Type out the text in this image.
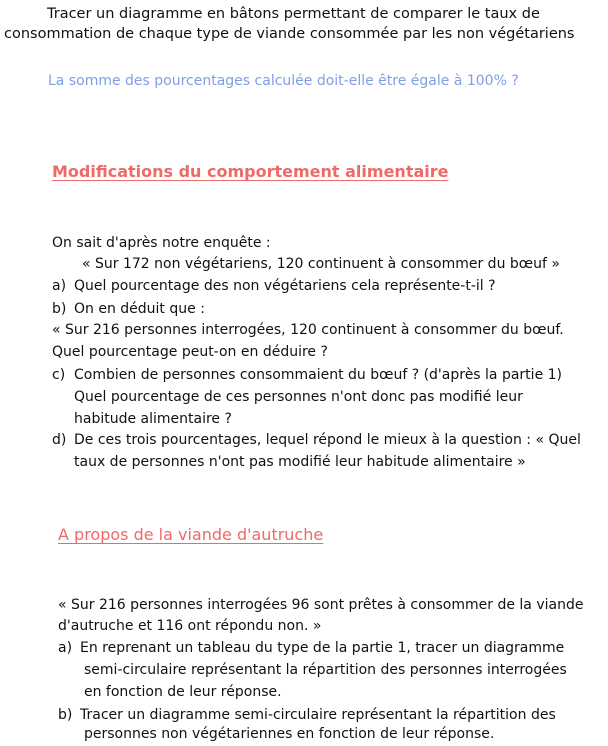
Tracer un diagramme en bâtons permettant de comparer le taux de
consommation de chaque type de viande consommée par les non végétariens
La somme des pourcentages calculée doit-elle être égale à 100% ?
Modifications du comportement alimentaire
On sait d'après notre enquête :
« Sur 172 non végétariens, 120 continuent à consommer du bœuf »
a) Quel pourcentage des non végétariens cela représente-t-il ?
b) On en déduit que :
« Sur 216 personnes interrogées, 120 continuent à consommer du bœuf.
Quel pourcentage peut-on en déduire ?
c) Combien de personnes consommaient du bœuf ? (d'après la partie 1)
Quel pourcentage de ces personnes n'ont donc pas modifié leur
habitude alimentaire ?
d) De ces trois pourcentages, lequel répond le mieux à la question : « Quel
taux de personnes n'ont pas modifié leur habitude alimentaire »
A propos de la viande d'autruche
« Sur 216 personnes interrogées 96 sont prêtes à consommer de la viande
d'autruche et 116 ont répondu non. »
a) En reprenant un tableau du type de la partie 1, tracer un diagramme
semi-circulaire représentant la répartition des personnes interrogées
en fonction de leur réponse.
b) Tracer un diagramme semi-circulaire représentant la répartition des
personnes non végétariennes en fonction de leur réponse.
